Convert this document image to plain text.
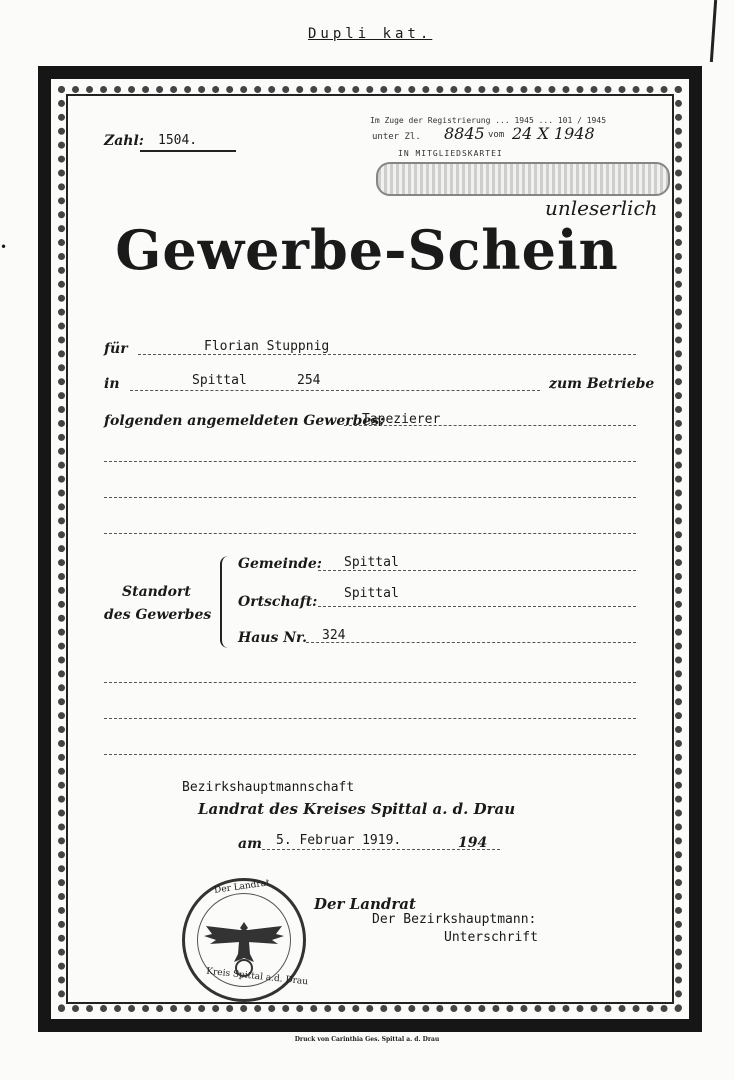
Dupli kat.
•
Zahl: 1504.
Im Zuge der Registrierung ... 1945 ... 101 / 1945
unter Zl. 8845 vom 24 X 1948
IN MITGLIEDSKARTEI
unleserlich
Gewerbe-Schein
für	Florian Stuppnig
in	Spittal	254	zum Betriebe
folgenden angemeldeten Gewerbes:
Tapezierer
Standort
des Gewerbes
Gemeinde: Spittal
Ortschaft:
Spittal
Haus Nr. 324
Bezirkshauptmannschaft
Landrat des Kreises Spittal a. d. Drau
am 5. Februar 1919.	194
Der Landrat
Der Bezirkshauptmann:
Unterschrift
Der Landrat
Kreis Spittal a.d. Drau
Druck von Carinthia Ges. Spittal a. d. Drau
